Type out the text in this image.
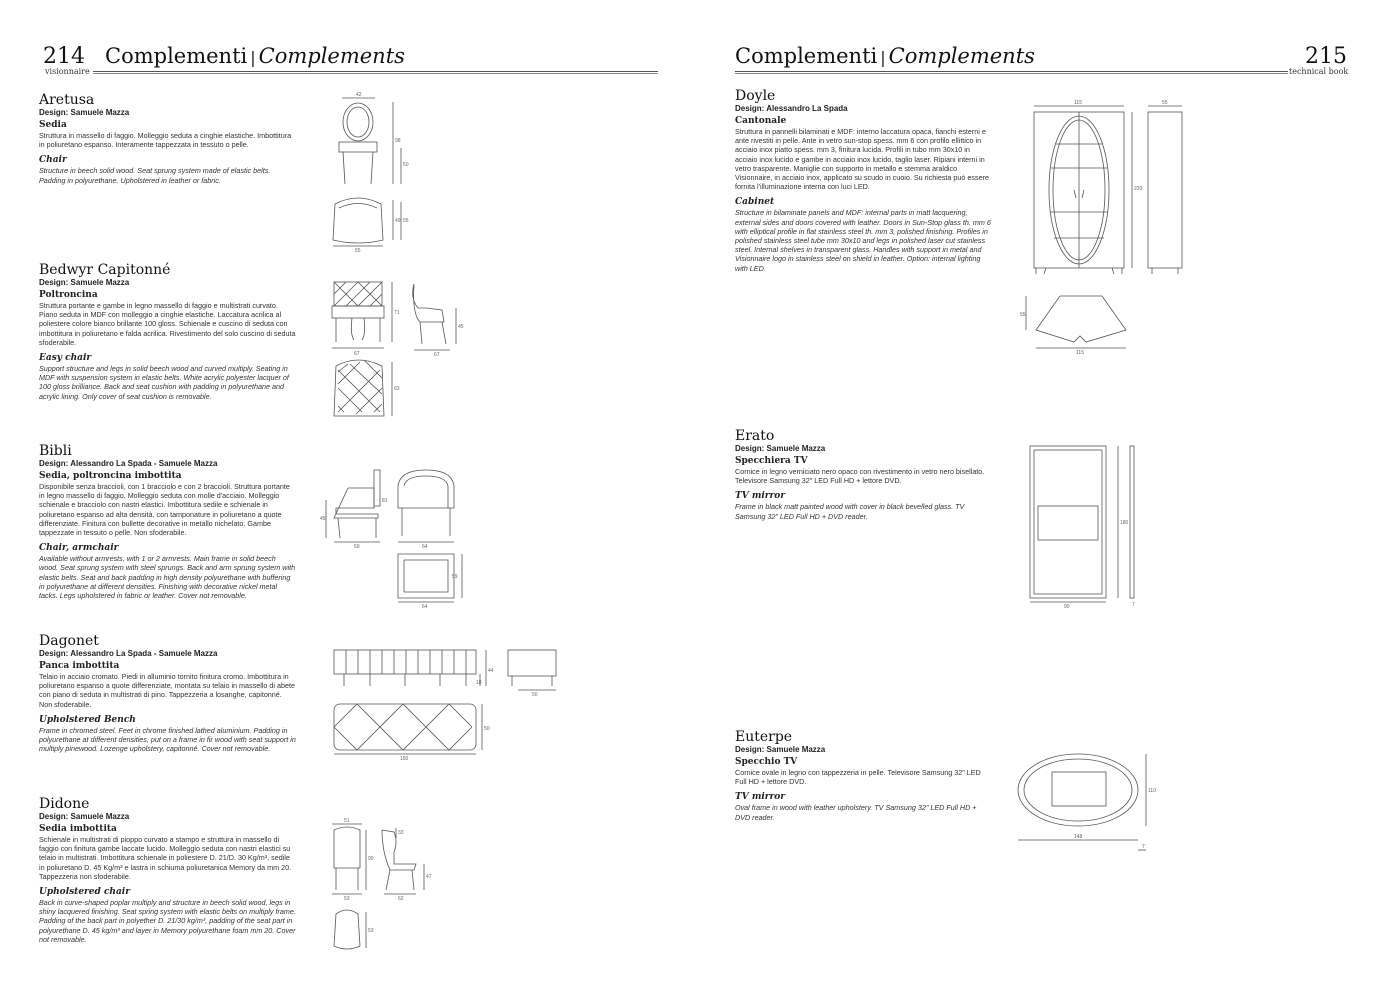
214
visionnaire
Complementi | Complements	Complementi | Complements	215
technical book
Aretusa
Design: Samuele Mazza
Sedia
Struttura in massello di faggio. Molleggio seduta a cinghie elastiche. Imbottitura in poliuretano espanso. Interamente tappezzata in tessuto o pelle.
Chair
Structure in beech solid wood. Seat sprung system made of elastic belts. Padding in polyurethane. Upholstered in leather or fabric.
42
98
50
49 55
55
Bedwyr Capitonné
Design: Samuele Mazza
Poltroncina
Struttura portante e gambe in legno massello di faggio e multistrati curvato. Piano seduta in MDF con molleggio a cinghie elastiche. Laccatura acrilica al poliestere colore bianco brillante 100 gloss. Schienale e cuscino di seduta con imbottitura in poliuretano e falda acrilica. Rivestimento del solo cuscino di seduta sfoderabile.
Easy chair
Support structure and legs in solid beech wood and curved multiply. Seating in MDF with suspension system in elastic belts. White acrylic polyester lacquer of 100 gloss brilliance. Back and seat cushion with padding in polyurethane and acrylic lining. Only cover of seat cushion is removable.
67
71
45
67
63
Bibli
Design: Alessandro La Spada - Samuele Mazza
Sedia, poltroncina imbottita
Disponibile senza braccioli, con 1 bracciolo e con 2 braccioli. Struttura portante in legno massello di faggio. Molleggio seduta con molle d'acciaio. Molleggio schienale e bracciolo con nastri elastici. Imbottitura sedile e schienale in poliuretano espanso ad alta densità, con tamponature in poliuretano a quote differenziate. Finitura con bullette decorative in metallo nichelato. Gambe tappezzate in tessuto o pelle. Non sfoderabile.
Chair, armchair
Available without armrests, with 1 or 2 armrests. Main frame in solid beech wood. Seat sprung system with steel sprungs. Back and arm sprung system with elastic belts. Seat and back padding in high density polyurethane with buffering in polyurethane at different densities. Finishing with decorative nickel metal tacks. Legs upholstered in fabric or leather. Cover not removable.
45
81
59	64
59
64
Dagonet
Design: Alessandro La Spada - Samuele Mazza
Panca imbottita
Telaio in acciaio cromato. Piedi in alluminio tornito finitura cromo. Imbottitura in poliuretano espanso a quote differenziate, montata su telaio in massello di abete con piano di seduta in multistrati di pino. Tappezzeria a losanghe, capitonné. Non sfoderabile.
Upholstered Bench
Frame in chromed steel. Feet in chrome finished lathed aluminium. Padding in polyurethane at different densities, put on a frame in fir wood with seat support in multiply pinewood. Lozenge upholstery, capitonné. Cover not removable.
44
18
50
50
150
Didone
Design: Samuele Mazza
Sedia imbottita
Schienale in multistrati di pioppo curvato a stampo e struttura in massello di faggio con finitura gambe laccate lucido. Molleggio seduta con nastri elastici su telaio in multistrati. Imbottitura schienale in poliestere D. 21/D. 30 Kg/m³, sedile in poliuretano D. 45 Kg/m³ e lastra in schiuma poliuretanica Memory da mm 20. Tappezzeria non sfoderabile.
Upholstered chair
Back in curve-shaped poplar multiply and structure in beech solid wood, legs in shiny lacquered finishing. Seat spring system with elastic belts on multiply frame. Padding of the back part in polyether D. 21/30 kg/m³, padding of the seat part in polyurethane D. 45 kg/m³ and layer in Memory polyurethane foam mm 20. Cover not removable.
51
90
53
33
47
62
53
Doyle
Design: Alessandro La Spada
Cantonale
Struttura in pannelli bilaminati e MDF: interno laccatura opaca, fianchi esterni e ante rivestiti in pelle. Ante in vetro sun-stop spess. mm 6 con profilo ellittico in acciaio inox piatto spess. mm 3, finitura lucida. Profili in tubo mm 30x10 in acciaio inox lucido e gambe in acciaio inox lucido, taglio laser. Ripiani interni in vetro trasparente. Maniglie con supporto in metallo e stemma araldico Visionnaire, in acciaio inox, applicato su scudo in cuoio. Su richiesta può essere fornita l'illuminazione interna con luci LED.
Cabinet
Structure in bilaminate panels and MDF: internal parts in matt lacquering, external sides and doors covered with leather. Doors in Sun-Stop glass th. mm 6 with elliptical profile in flat stainless steel th. mm 3, polished finishing. Profiles in polished stainless steel tube mm 30x10 and legs in polished laser cut stainless steel. Internal shelves in transparent glass. Handles with support in metal and Visionnaire logo in stainless steel on shield in leather. Option: internal lighting with LED.
115
220
55
55
115
Erato
Design: Samuele Mazza
Specchiera TV
Cornice in legno verniciato nero opaco con rivestimento in vetro nero bisellato. Televisore Samsung 32" LED Full HD + lettore DVD.
TV mirror
Frame in black matt painted wood with cover in black bevelled glass. TV Samsung 32" LED Full HD + DVD reader.
180
90	7
Euterpe
Design: Samuele Mazza
Specchio TV
Cornice ovale in legno con tappezzeria in pelle. Televisore Samsung 32" LED Full HD + lettore DVD.
TV mirror
Oval frame in wood with leather upholstery. TV Samsung 32" LED Full HD + DVD reader.
110
148
7
